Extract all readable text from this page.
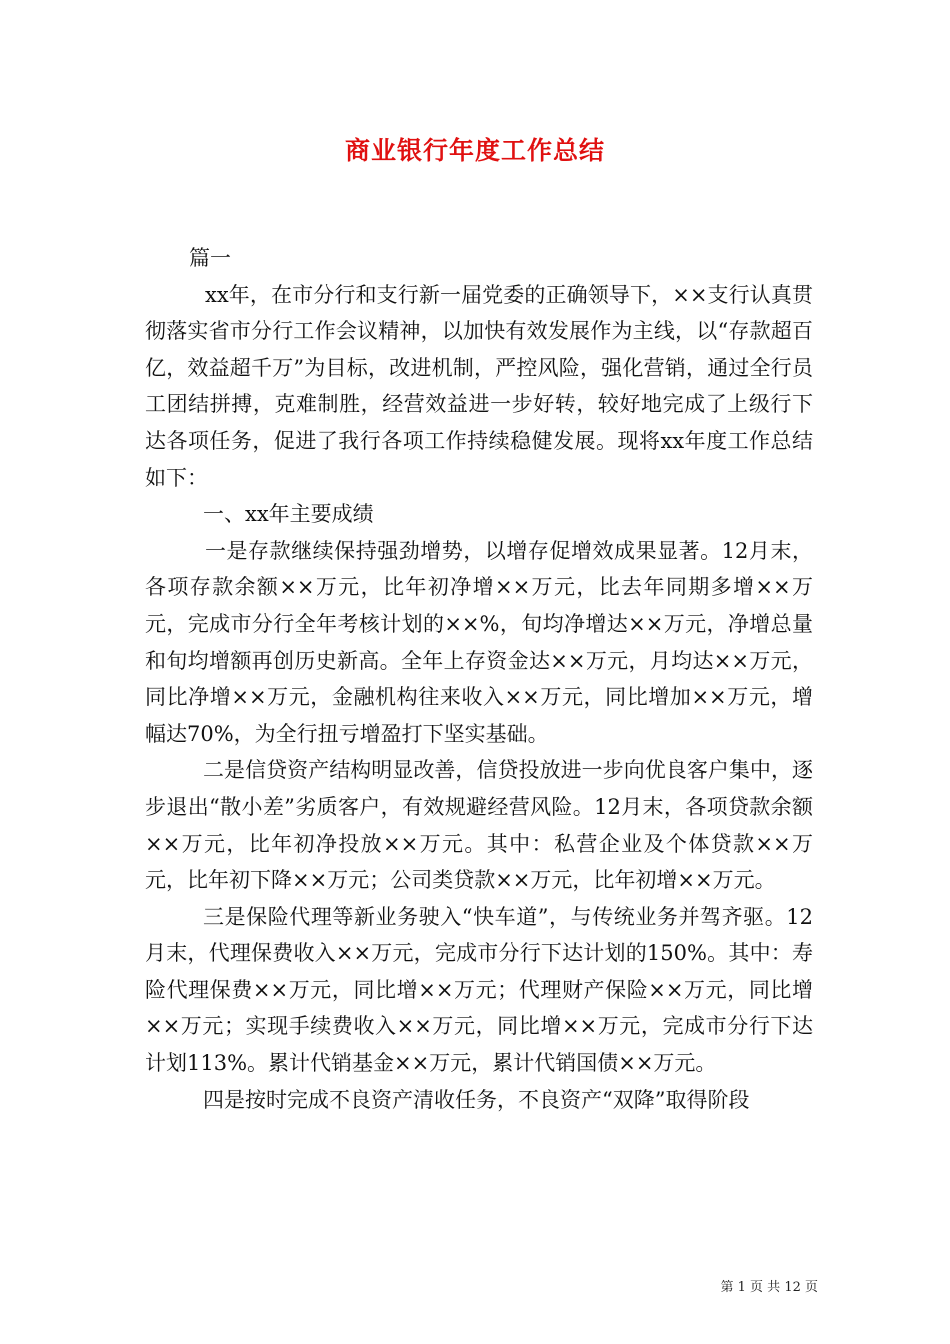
商业银行年度工作总结

篇一

xx年，在市分行和支行新一届党委的正确领导下，××支行认真贯彻落实省市分行工作会议精神，以加快有效发展作为主线，以“存款超百亿，效益超千万”为目标，改进机制，严控风险，强化营销，通过全行员工团结拼搏，克难制胜，经营效益进一步好转，较好地完成了上级行下达各项任务，促进了我行各项工作持续稳健发展。现将xx年度工作总结如下：

一、xx年主要成绩

一是存款继续保持强劲增势，以增存促增效成果显著。12月末，各项存款余额××万元，比年初净增××万元，比去年同期多增××万元，完成市分行全年考核计划的××%，旬均净增达××万元，净增总量和旬均增额再创历史新高。全年上存资金达××万元，月均达××万元，同比净增××万元，金融机构往来收入××万元，同比增加××万元，增幅达70%，为全行扭亏增盈打下坚实基础。

二是信贷资产结构明显改善，信贷投放进一步向优良客户集中，逐步退出“散小差”劣质客户，有效规避经营风险。12月末，各项贷款余额××万元，比年初净投放××万元。其中：私营企业及个体贷款××万元，比年初下降××万元；公司类贷款××万元，比年初增××万元。

三是保险代理等新业务驶入“快车道”，与传统业务并驾齐驱。12月末，代理保费收入××万元，完成市分行下达计划的150%。其中：寿险代理保费××万元，同比增××万元；代理财产保险××万元，同比增××万元；实现手续费收入××万元，同比增××万元，完成市分行下达计划113%。累计代销基金××万元，累计代销国债××万元。

四是按时完成不良资产清收任务，不良资产“双降”取得阶段

第 1 页 共 12 页
